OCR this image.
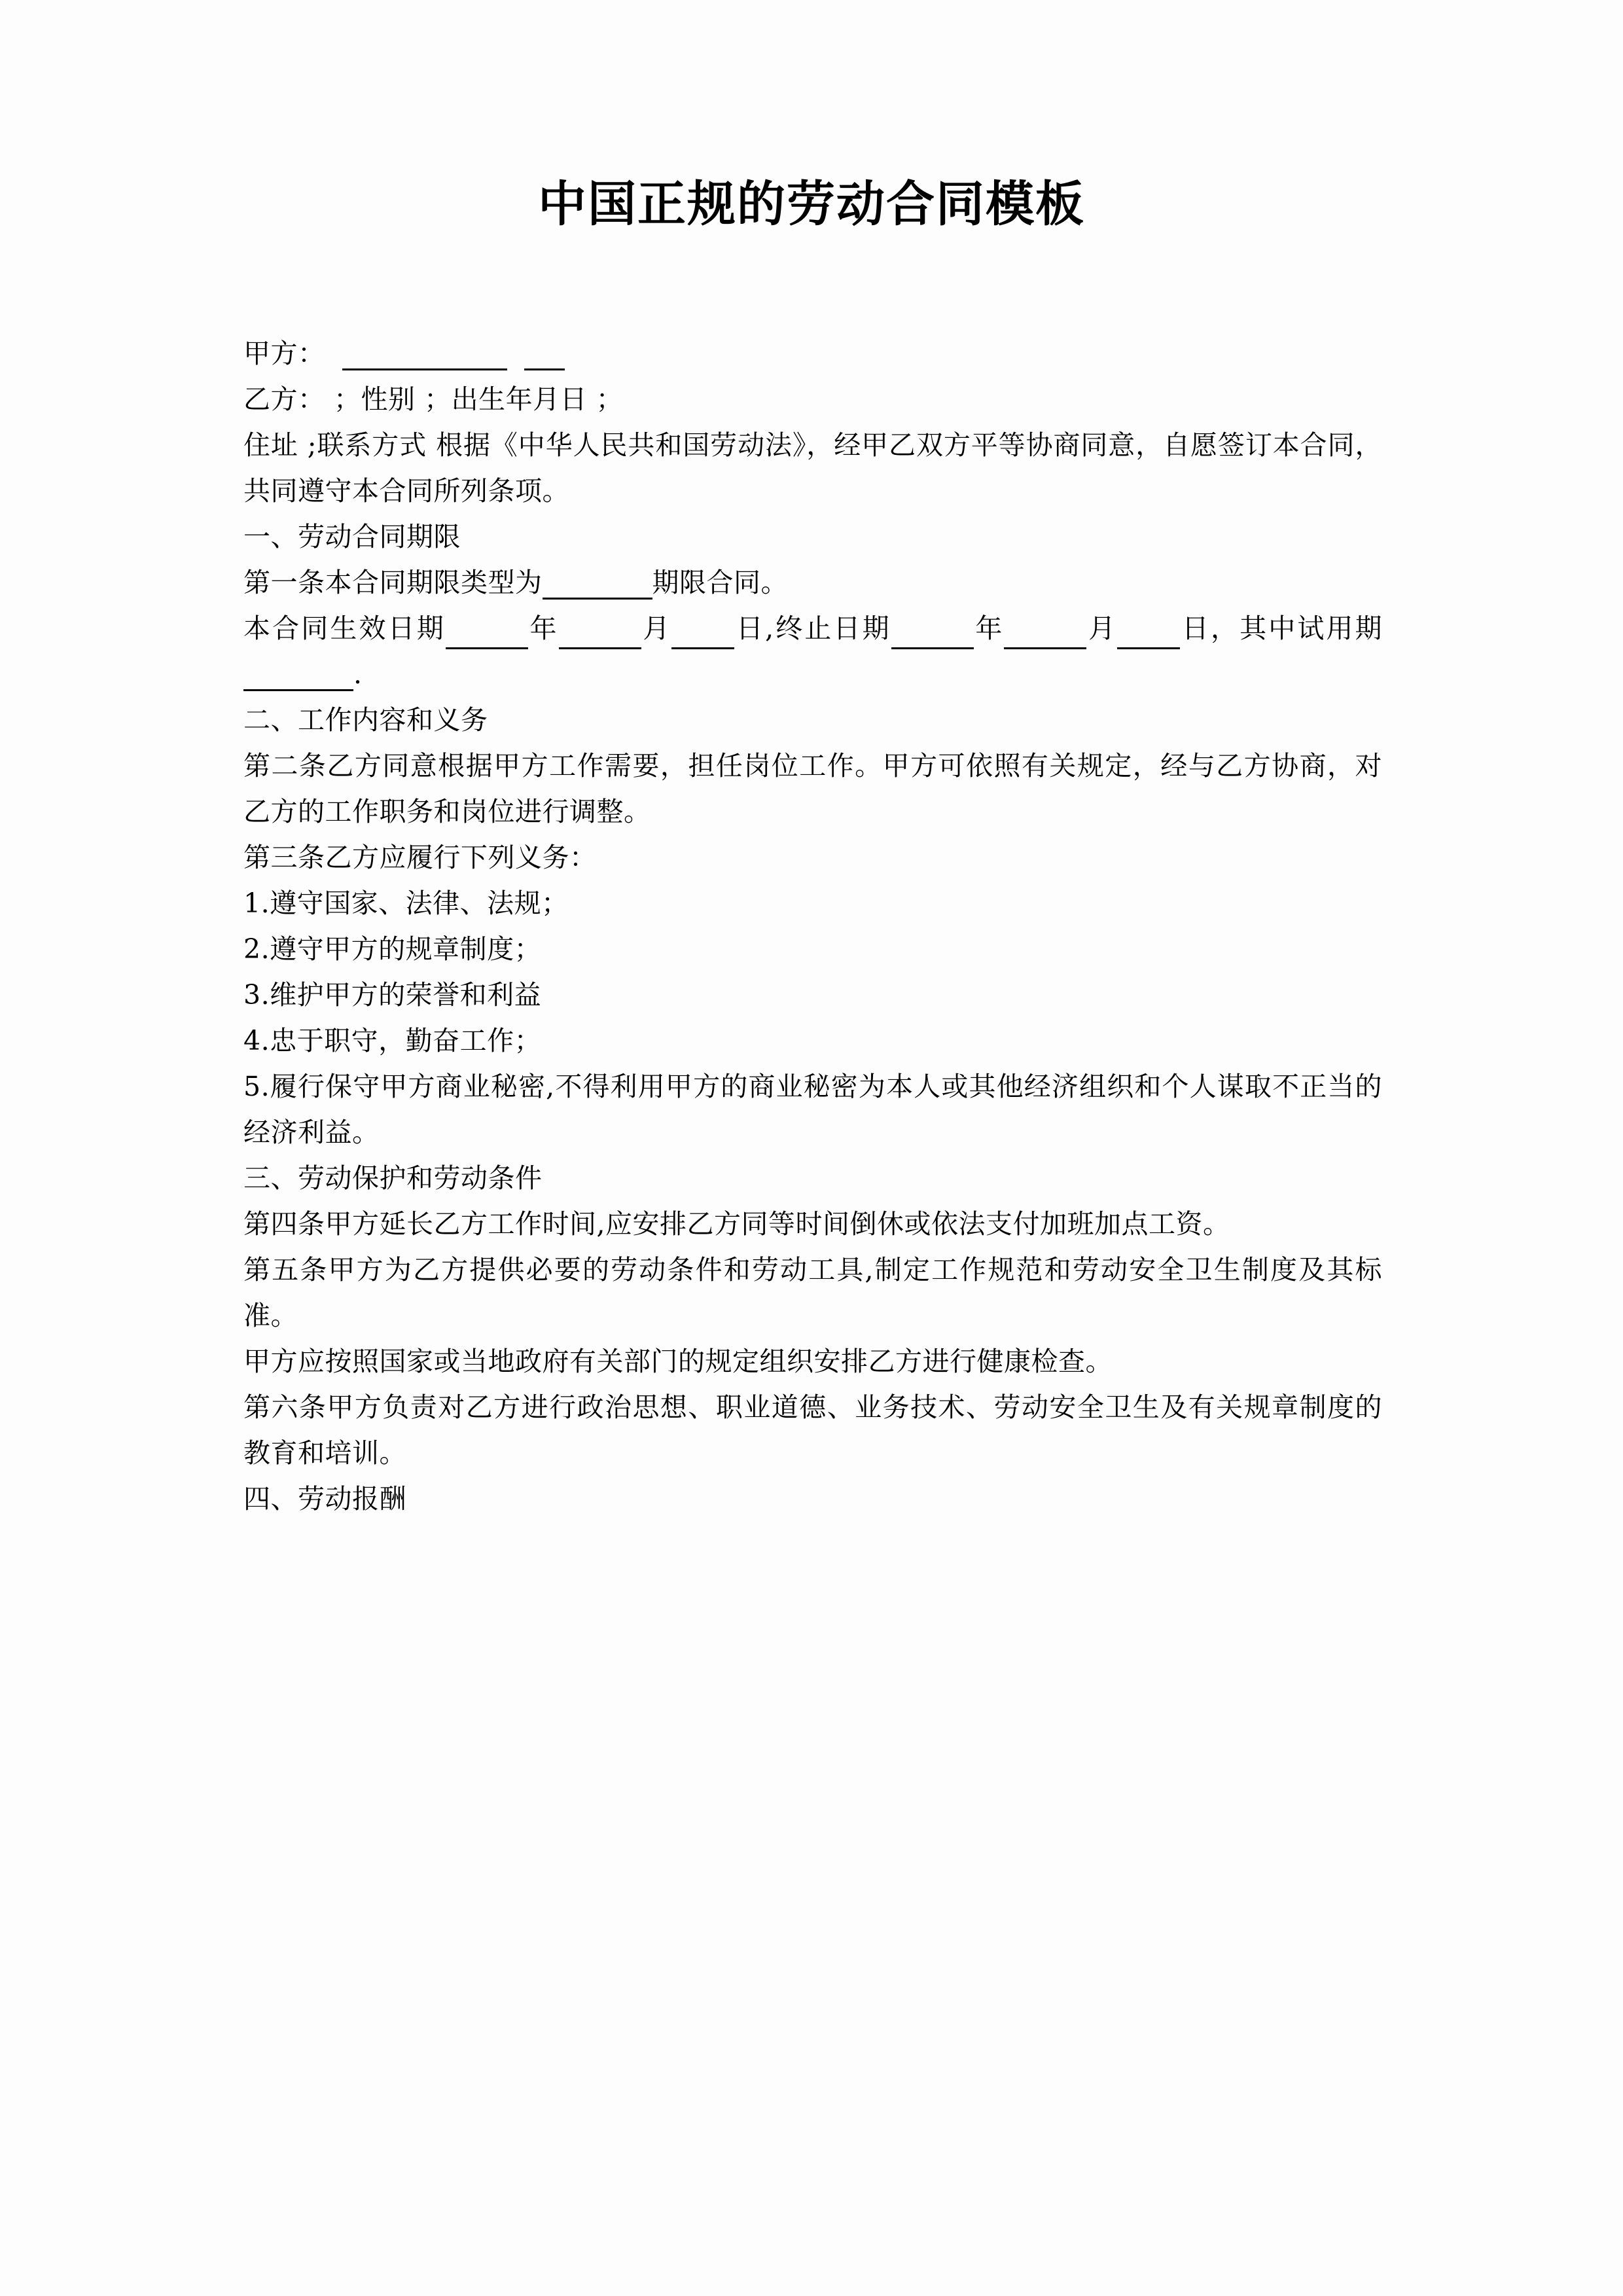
中国正规的劳动合同模板
甲方：
乙方： ；性别 ；出生年月日 ；
住址 ;联系方式 根据《中华人民共和国劳动法》，经甲乙双方平等协商同意，自愿签订本合同，共同遵守本合同所列条项。
一、劳动合同期限
第一条本合同期限类型为	期限合同。
本合同生效日期	年	月 日,终止日期	年	月 日，其中试用期.
二、工作内容和义务
第二条乙方同意根据甲方工作需要，担任岗位工作。甲方可依照有关规定，经与乙方协商，对乙方的工作职务和岗位进行调整。
第三条乙方应履行下列义务：
1.遵守国家、法律、法规；
2.遵守甲方的规章制度；
3.维护甲方的荣誉和利益
4.忠于职守，勤奋工作；
5.履行保守甲方商业秘密,不得利用甲方的商业秘密为本人或其他经济组织和个人谋取不正当的经济利益。
三、劳动保护和劳动条件
第四条甲方延长乙方工作时间,应安排乙方同等时间倒休或依法支付加班加点工资。
第五条甲方为乙方提供必要的劳动条件和劳动工具,制定工作规范和劳动安全卫生制度及其标准。
甲方应按照国家或当地政府有关部门的规定组织安排乙方进行健康检查。
第六条甲方负责对乙方进行政治思想、职业道德、业务技术、劳动安全卫生及有关规章制度的教育和培训。
四、劳动报酬
